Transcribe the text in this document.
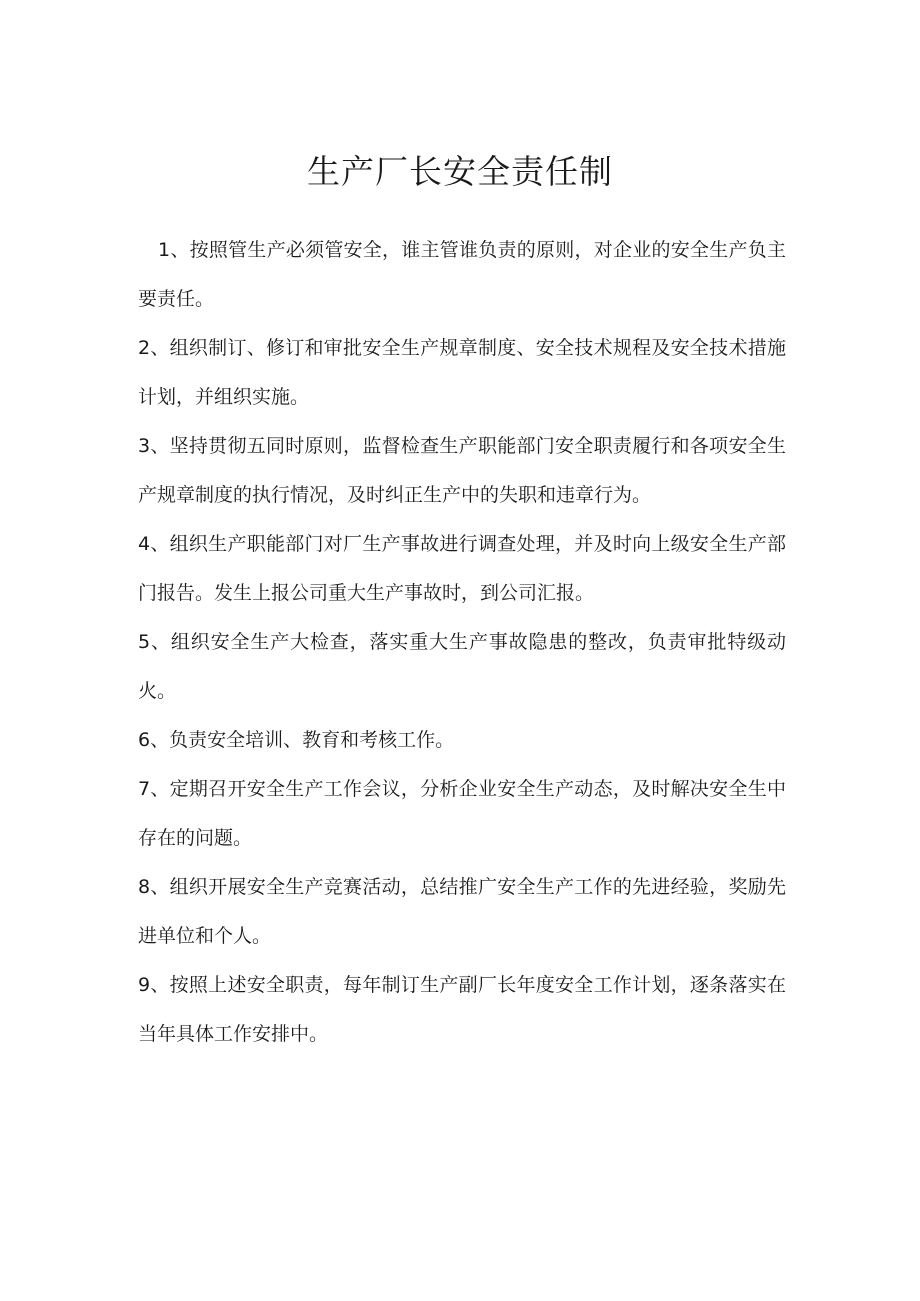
生产厂长安全责任制

1、按照管生产必须管安全，谁主管谁负责的原则，对企业的安全生产负主要责任。

2、组织制订、修订和审批安全生产规章制度、安全技术规程及安全技术措施计划，并组织实施。

3、坚持贯彻五同时原则，监督检查生产职能部门安全职责履行和各项安全生产规章制度的执行情况，及时纠正生产中的失职和违章行为。

4、组织生产职能部门对厂生产事故进行调查处理，并及时向上级安全生产部门报告。发生上报公司重大生产事故时，到公司汇报。

5、组织安全生产大检查，落实重大生产事故隐患的整改，负责审批特级动火。

6、负责安全培训、教育和考核工作。

7、定期召开安全生产工作会议，分析企业安全生产动态，及时解决安全生中存在的问题。

8、组织开展安全生产竞赛活动，总结推广安全生产工作的先进经验，奖励先进单位和个人。

9、按照上述安全职责，每年制订生产副厂长年度安全工作计划，逐条落实在当年具体工作安排中。
